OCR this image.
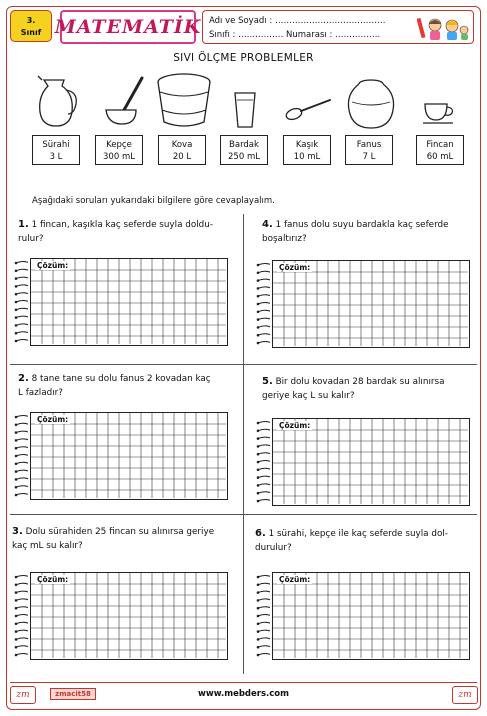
3.
Sınıf MATEMATİK Adı ve Soyadı : …………………………………
Sınıfı : ……….…… Numarası : …………….
SIVI ÖLÇME PROBLEMLER
Sürahi
3 L
Kepçe
300 mL
Kova
20 L
Bardak
250 mL
Kaşık
10 mL
Fanus
7 L
Fincan
60 mL
Aşağıdaki soruları yukarıdaki bilgilere göre cevaplayalım.
1. 1 fincan, kaşıkla kaç seferde suyla doldu-
rulur?
2. 8 tane tane su dolu fanus 2 kovadan kaç
L fazladır?
3. Dolu sürahiden 25 fincan su alınırsa geriye
kaç mL su kalır?
4. 1 fanus dolu suyu bardakla kaç seferde
boşaltırız?
5. Bir dolu kovadan 28 bardak su alınırsa
geriye kaç L su kalır?
6. 1 sürahi, kepçe ile kaç seferde suyla dol-
durulur?
Çözüm:
Çözüm:
Çözüm:
Çözüm:
Çözüm:
Çözüm:
zm	zmacit58	www.mebders.com	zm
